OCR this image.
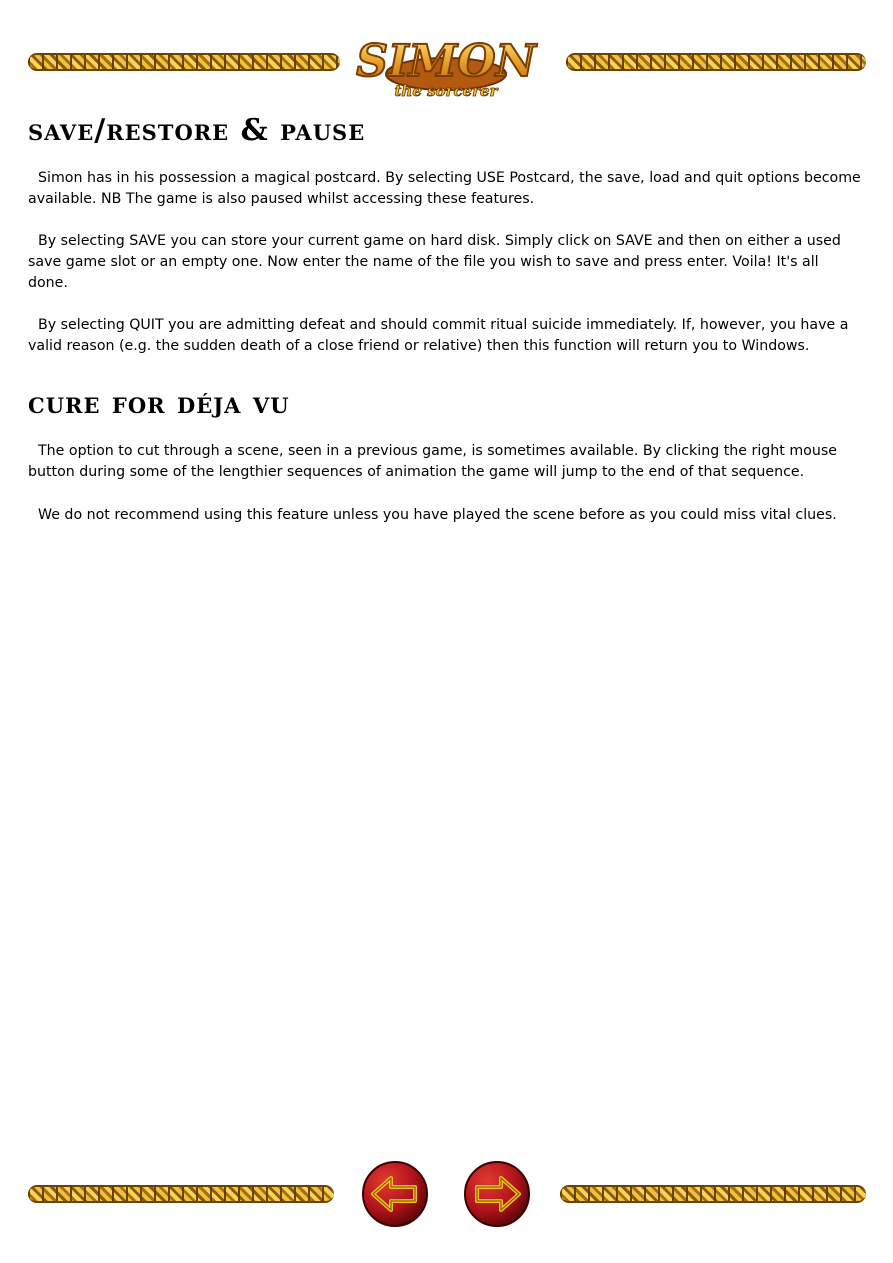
SIMON
the sorcerer
save/restore & pause

Simon has in his possession a magical postcard. By selecting USE Postcard, the save, load and quit options become available. NB The game is also paused whilst accessing these features.

By selecting SAVE you can store your current game on hard disk. Simply click on SAVE and then on either a used save game slot or an empty one. Now enter the name of the file you wish to save and press enter. Voila! It's all done.

By selecting QUIT you are admitting defeat and should commit ritual suicide immediately. If, however, you have a valid reason (e.g. the sudden death of a close friend or relative) then this function will return you to Windows.

cure for déja vu

The option to cut through a scene, seen in a previous game, is sometimes available. By clicking the right mouse button during some of the lengthier sequences of animation the game will jump to the end of that sequence.

We do not recommend using this feature unless you have played the scene before as you could miss vital clues.
